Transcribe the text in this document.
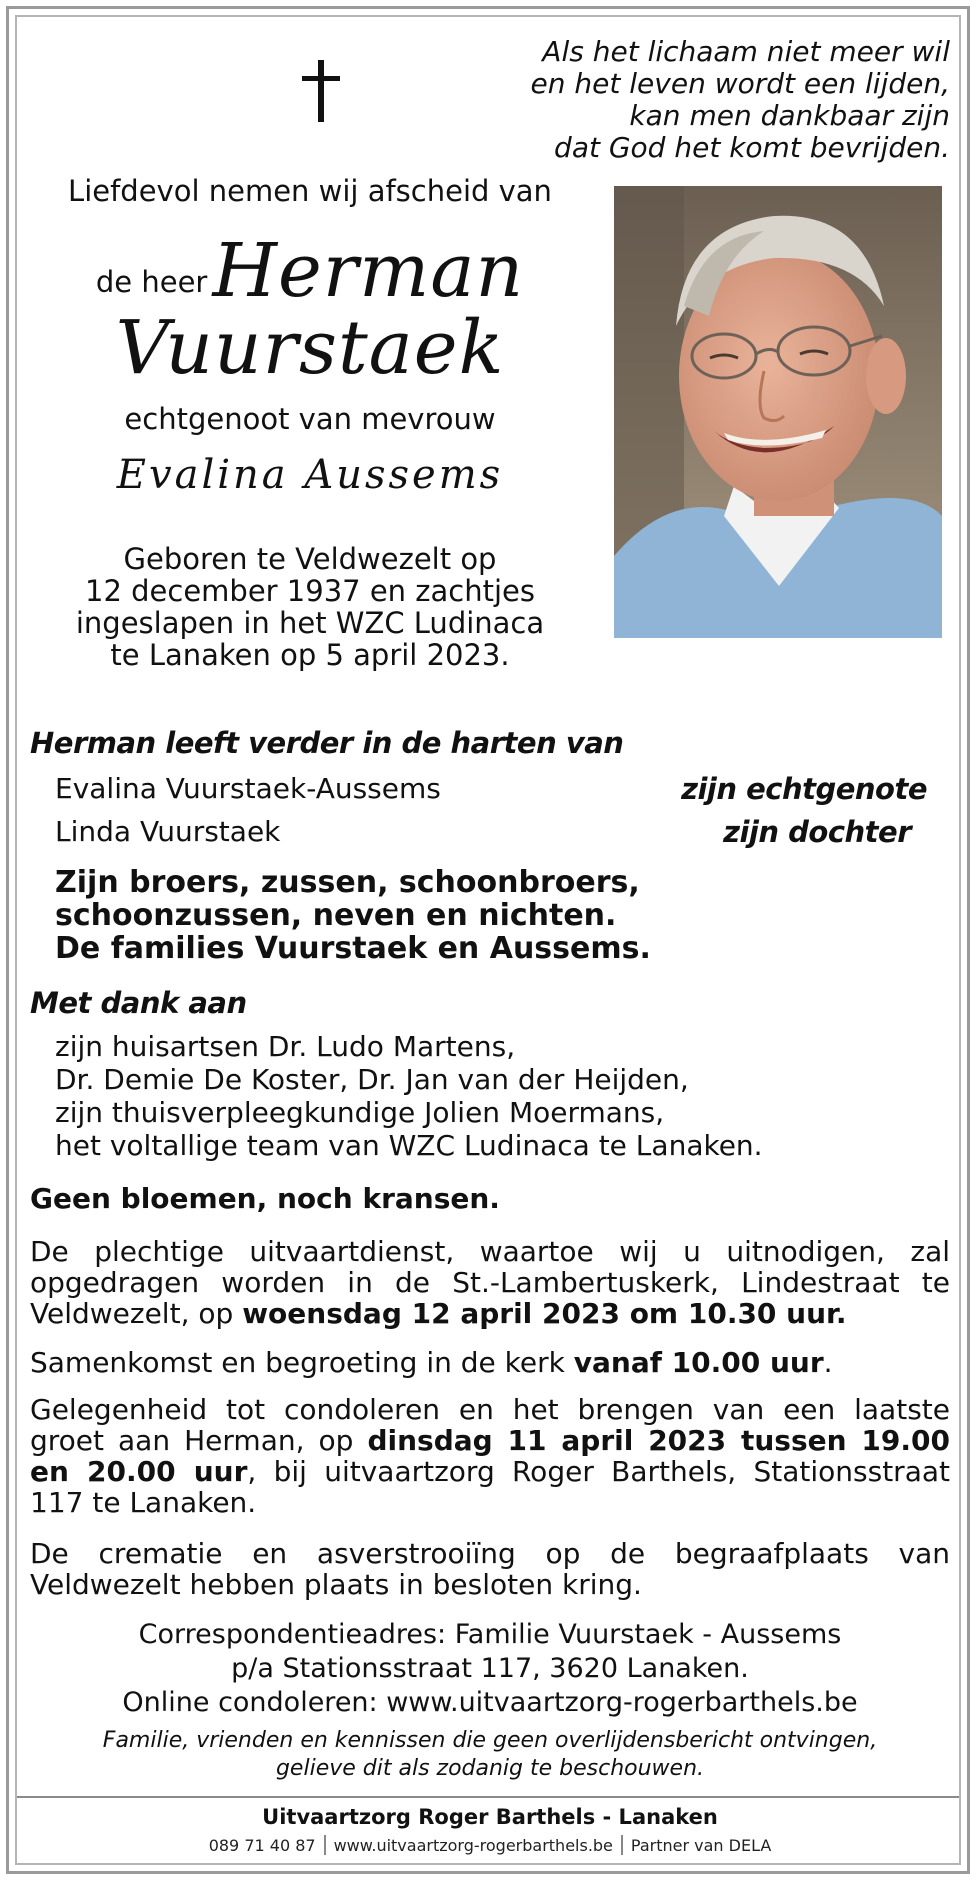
Als het lichaam niet meer wil
en het leven wordt een lijden,
kan men dankbaar zijn
dat God het komt bevrijden.
Liefdevol nemen wij afscheid van
de heer Herman
Vuurstaek
echtgenoot van mevrouw
Evalina Aussems
Geboren te Veldwezelt op
12 december 1937 en zachtjes
ingeslapen in het WZC Ludinaca
te Lanaken op 5 april 2023.
Herman leeft verder in de harten van
Evalina Vuurstaek-Aussems	zijn echtgenote
Linda Vuurstaek	zijn dochter
Zijn broers, zussen, schoonbroers,
schoonzussen, neven en nichten.
De families Vuurstaek en Aussems.
Met dank aan
zijn huisartsen Dr. Ludo Martens,
Dr. Demie De Koster, Dr. Jan van der Heijden,
zijn thuisverpleegkundige Jolien Moermans,
het voltallige team van WZC Ludinaca te Lanaken.
Geen bloemen, noch kransen.
De plechtige uitvaartdienst, waartoe wij u uitnodigen, zal opgedragen worden in de St.-Lambertuskerk, Lindestraat te Veldwezelt, op woensdag 12 april 2023 om 10.30 uur.
Samenkomst en begroeting in de kerk vanaf 10.00 uur.
Gelegenheid tot condoleren en het brengen van een laatste groet aan Herman, op dinsdag 11 april 2023 tussen 19.00 en 20.00 uur, bij uitvaartzorg Roger Barthels, Stationsstraat 117 te Lanaken.
De crematie en asverstrooiïng op de begraafplaats van Veldwezelt hebben plaats in besloten kring.
Correspondentieadres: Familie Vuurstaek - Aussems
p/a Stationsstraat 117, 3620 Lanaken.
Online condoleren: www.uitvaartzorg-rogerbarthels.be
Familie, vrienden en kennissen die geen overlijdensbericht ontvingen,
gelieve dit als zodanig te beschouwen.
Uitvaartzorg Roger Barthels - Lanaken
089 71 40 87 www.uitvaartzorg-rogerbarthels.be Partner van DELA
